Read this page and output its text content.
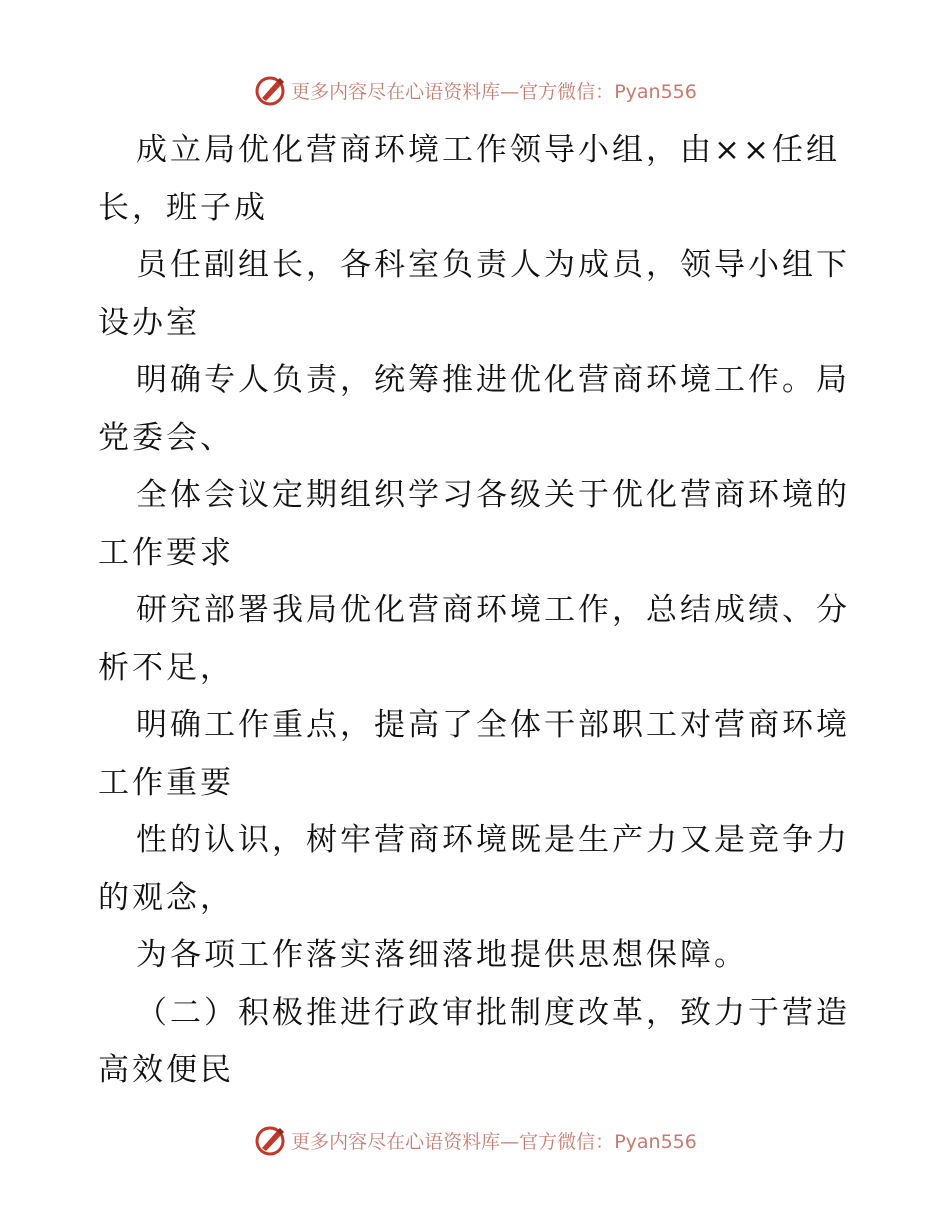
更多内容尽在心语资料库—官方微信：Pyan556

成立局优化营商环境工作领导小组，由××任组长，班子成

员任副组长，各科室负责人为成员，领导小组下设办室

明确专人负责，统筹推进优化营商环境工作。局党委会、

全体会议定期组织学习各级关于优化营商环境的工作要求

研究部署我局优化营商环境工作，总结成绩、分析不足，

明确工作重点，提高了全体干部职工对营商环境工作重要

性的认识，树牢营商环境既是生产力又是竞争力的观念，

为各项工作落实落细落地提供思想保障。

（二）积极推进行政审批制度改革，致力于营造高效便民

更多内容尽在心语资料库—官方微信：Pyan556
